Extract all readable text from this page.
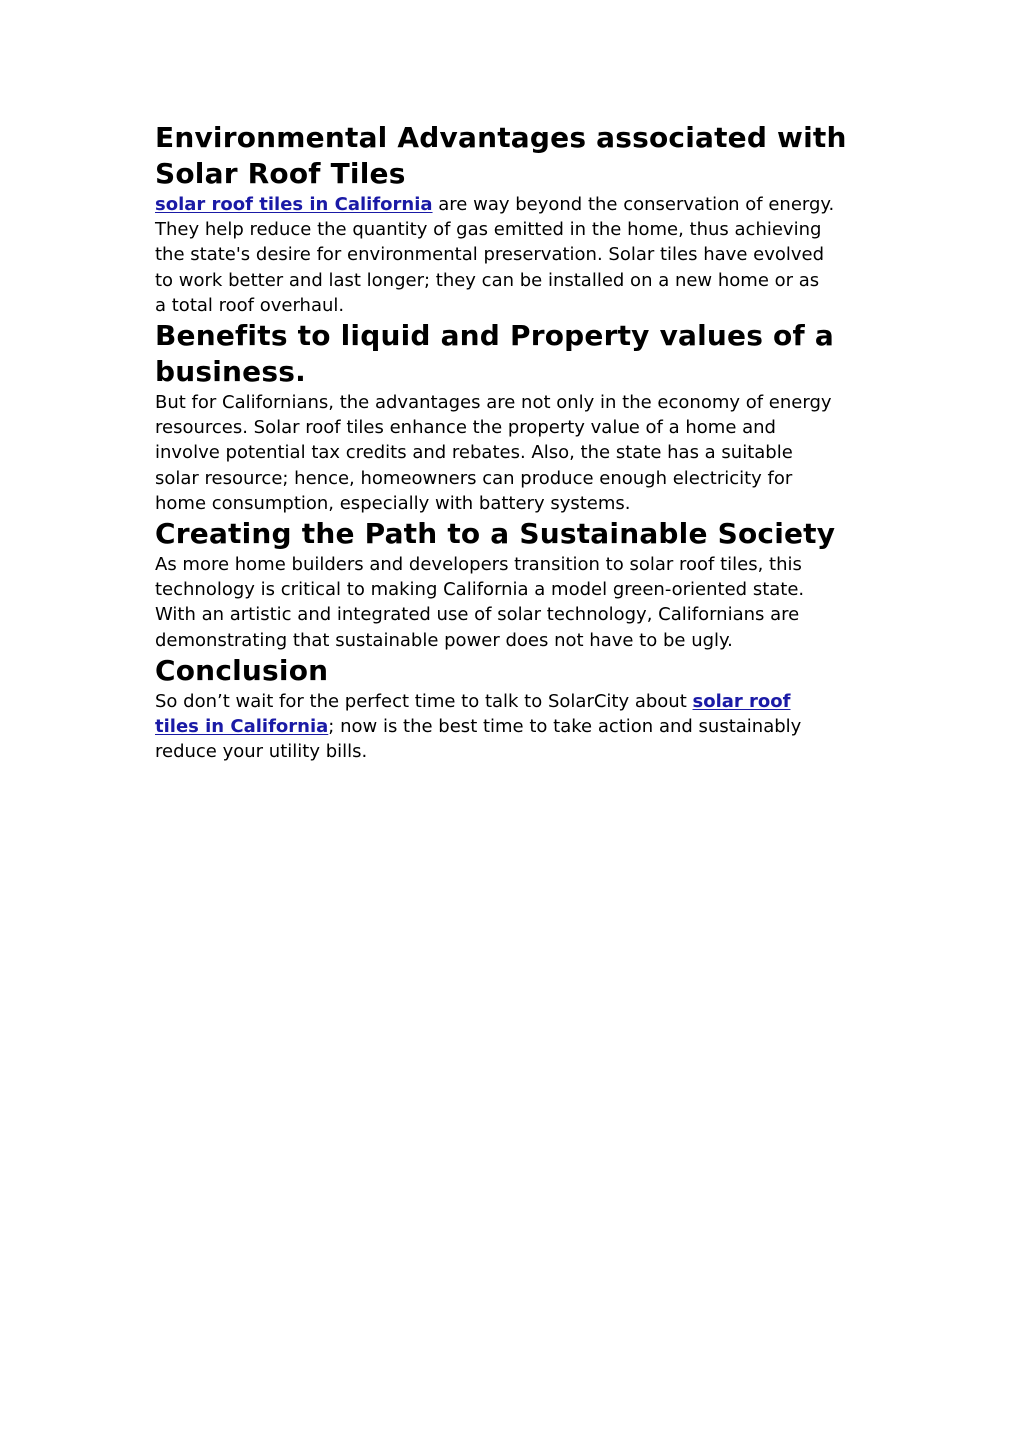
Environmental Advantages associated with
Solar Roof Tiles

solar roof tiles in California are way beyond the conservation of energy.
They help reduce the quantity of gas emitted in the home, thus achieving
the state's desire for environmental preservation. Solar tiles have evolved
to work better and last longer; they can be installed on a new home or as
a total roof overhaul.

Benefits to liquid and Property values of a
business.

But for Californians, the advantages are not only in the economy of energy
resources. Solar roof tiles enhance the property value of a home and
involve potential tax credits and rebates. Also, the state has a suitable
solar resource; hence, homeowners can produce enough electricity for
home consumption, especially with battery systems.

Creating the Path to a Sustainable Society

As more home builders and developers transition to solar roof tiles, this
technology is critical to making California a model green-oriented state.
With an artistic and integrated use of solar technology, Californians are
demonstrating that sustainable power does not have to be ugly.

Conclusion

So don’t wait for the perfect time to talk to SolarCity about solar roof
tiles in California; now is the best time to take action and sustainably
reduce your utility bills.
